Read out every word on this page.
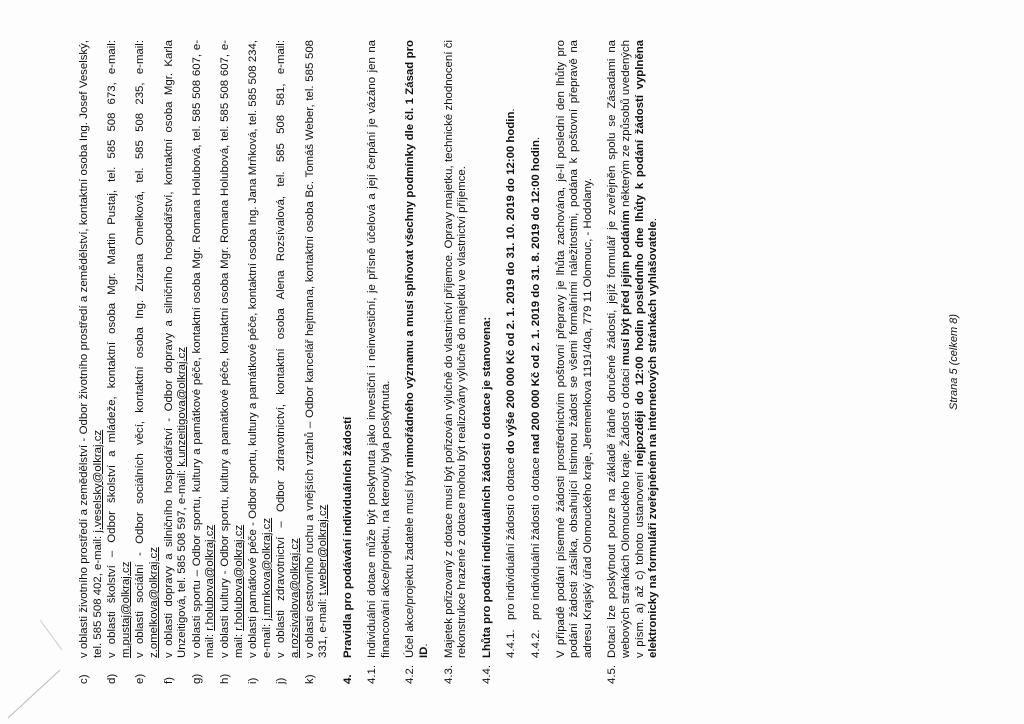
c)
v oblasti životního prostředí a zemědělství - Odbor životního prostředí a zemědělství, kontaktní osoba Ing. Josef Veselský, tel. 585 508 402, e-mail: j.veselsky@olkraj.cz
d)
v oblasti školství – Odbor školství a mládeže, kontaktní osoba Mgr. Martin Pustaj, tel. 585 508 673, e-mail: m.pustaj@olkraj.cz
e)
v oblasti sociální - Odbor sociálních věcí, kontaktní osoba Ing. Zuzana Omelková, tel. 585 508 235, e-mail: z.omelkova@olkraj.cz
f)
v oblasti dopravy a silničního hospodářství - Odbor dopravy a silničního hospodářství, kontaktní osoba Mgr. Karla Unzeitigová, tel. 585 508 597, e-mail: k.unzeitigova@olkraj.cz
g)
v oblasti sportu – Odbor sportu, kultury a památkové péče, kontaktní osoba Mgr. Romana Holubová, tel. 585 508 607, e-mail: r.holubova@olkraj.cz
h)
v oblasti kultury - Odbor sportu, kultury a památkové péče, kontaktní osoba Mgr. Romana Holubová, tel. 585 508 607, e-mail: r.holubova@olkraj.cz
i)
v oblasti památkové péče - Odbor sportu, kultury a památkové péče, kontaktní osoba Ing. Jana Mrňková, tel. 585 508 234, e-mail: j.mrnkova@olkraj.cz
j)
v oblasti zdravotnictví – Odbor zdravotnictví, kontaktní osoba Alena Rozsívalová, tel. 585 508 581, e-mail: a.rozsivalova@olkraj.cz
k)
v oblasti cestovního ruchu a vnějších vztahů – Odbor kancelář hejtmana, kontaktní osoba Bc. Tomáš Weber, tel. 585 508 331, e-mail: t.weber@olkraj.cz
4.
Pravidla pro podávání individuálních žádostí
4.1.
Individuální dotace může být poskytnuta jako investiční i neinvestiční, je přísně účelová a její čerpání je vázáno jen na financování akce/projektu, na kterou/ý byla poskytnuta.
4.2.
Účel akce/projektu žadatele musí být mimořádného významu a musí splňovat všechny podmínky dle čl. 1 Zásad pro ID.
4.3.
Majetek pořizovaný z dotace musí být pořizován výlučně do vlastnictví příjemce. Opravy majetku, technické zhodnocení či rekonstrukce hrazené z dotace mohou být realizovány výlučně do majetku ve vlastnictví příjemce.
4.4.
Lhůta pro podání individuálních žádostí o dotace je stanovena: 4.4.1.
pro individuální žádosti o dotace do výše 200 000 Kč od 2. 1. 2019 do 31. 10. 2019 do 12:00 hodin.
4.4.2.
pro individuální žádosti o dotace nad 200 000 Kč od 2. 1. 2019 do 31. 8. 2019 do 12:00 hodin. V případě podání písemné žádosti prostřednictvím poštovní přepravy je lhůta zachována, je-li poslední den lhůty pro podání žádosti zásilka, obsahující listinnou žádost se všemi formálními náležitostmi, podána k poštovní přepravě na adresu Krajský úřad Olomouckého kraje, Jeremenkova 1191/40a, 779 11 Olomouc, - Hodolany.
4.5.
Dotaci lze poskytnout pouze na základě řádně doručené žádosti, jejíž formulář je zveřejněn spolu se Zásadami na webových stránkách Olomouckého kraje. Žádost o dotaci musí být před jejím podáním některým ze způsobů uvedených v písm. a) až c) tohoto ustanovení nejpozději do 12:00 hodin posledního dne lhůty k podání žádostí vyplněna elektronicky na formuláři zveřejněném na internetových stránkách vyhlašovatele.
Strana 5 (celkem 8)
